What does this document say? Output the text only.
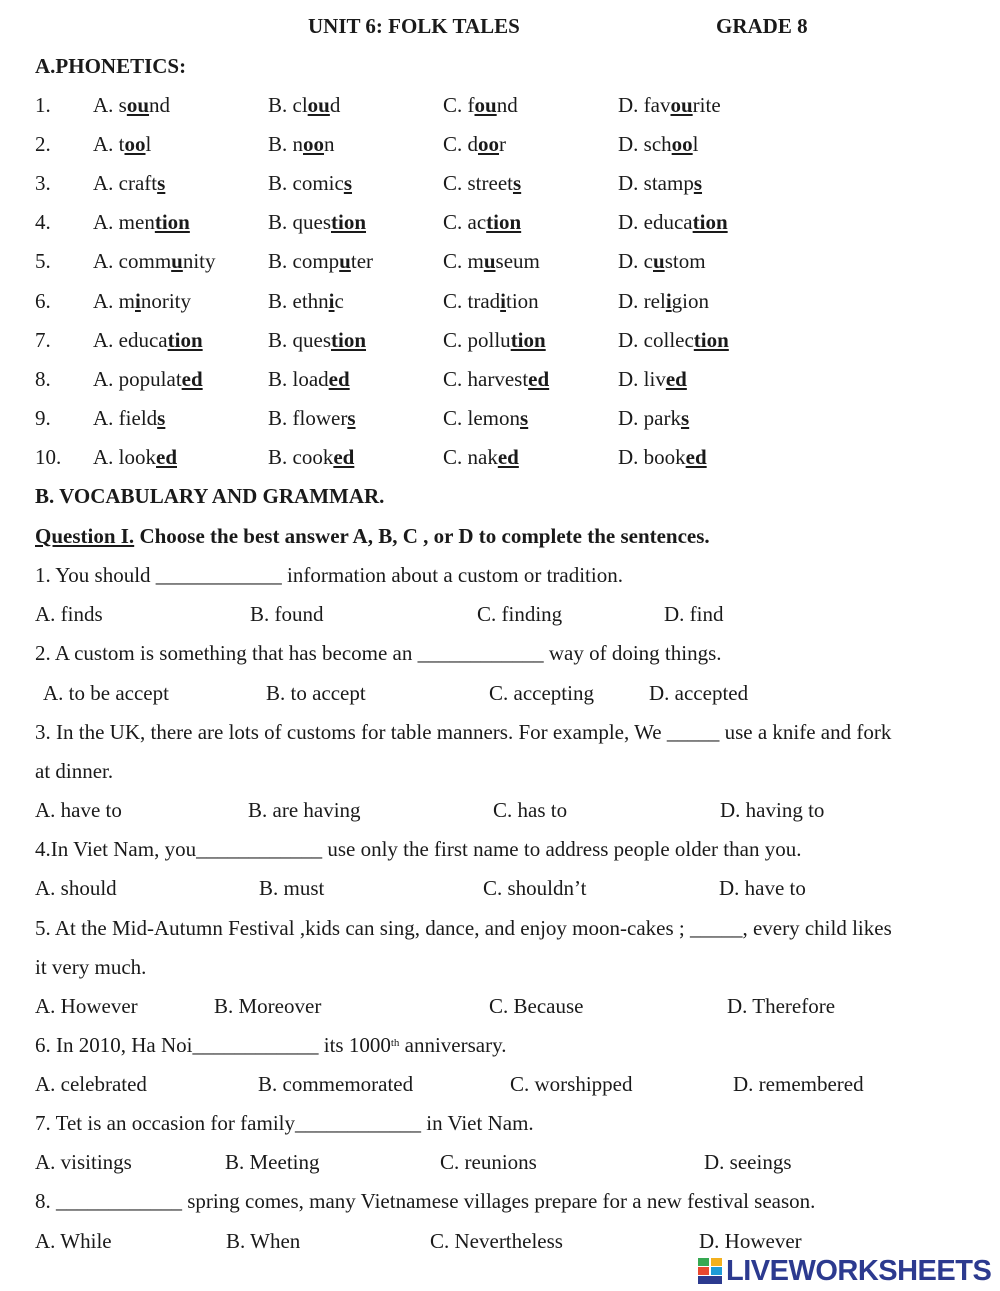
UNIT 6: FOLK TALES	GRADE 8
A.PHONETICS:
1. A. sound	B. cloud	C. found	D. favourite
2. A. tool	B. noon	C. door	D. school
3. A. crafts	B. comics	C. streets	D. stamps
4. A. mention	B. question	C. action	D. education
5. A. community B. computer	C. museum	D. custom
6. A. minority	B. ethnic	C. tradition	D. religion
7. A. education	B. question	C. pollution	D. collection
8. A. populated	B. loaded	C. harvested	D. lived
9. A. fields	B. flowers	C. lemons	D. parks
10. A. looked	B. cooked	C. naked	D. booked
B. VOCABULARY AND GRAMMAR.
Question I. Choose the best answer A, B, C , or D to complete the sentences.
1. You should ____________ information about a custom or tradition.
A. finds	B. found	C. finding	D. find
2. A custom is something that has become an ____________ way of doing things.
A. to be accept	B. to accept	C. accepting	D. accepted
3. In the UK, there are lots of customs for table manners. For example, We _____ use a knife and fork
at dinner.
A. have to	B. are having	C. has to	D. having to
4.In Viet Nam, you____________ use only the first name to address people older than you.
A. should	B. must	C. shouldn’t	D. have to
5. At the Mid-Autumn Festival ,kids can sing, dance, and enjoy moon-cakes ; _____, every child likes
it very much.
A. However	B. Moreover	C. Because	D. Therefore
6. In 2010, Ha Noi____________ its 1000th anniversary.
A. celebrated	B. commemorated	C. worshipped	D. remembered
7. Tet is an occasion for family____________ in Viet Nam.
A. visitings	B. Meeting	C. reunions	D. seeings
8. ____________ spring comes, many Vietnamese villages prepare for a new festival season.
A. While	B. When	C. Nevertheless	D. However
LIVEWORKSHEETS
